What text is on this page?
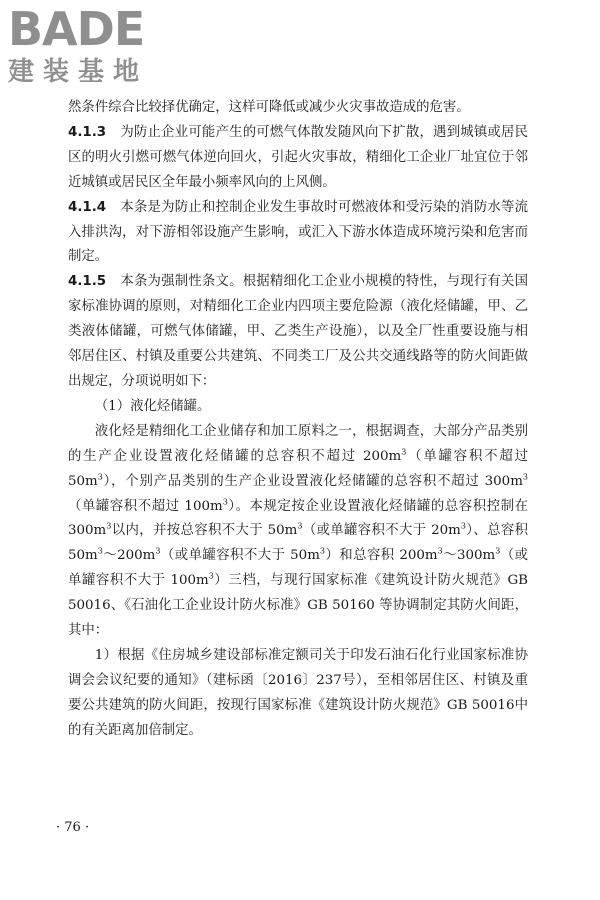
BADE
建装基地

然条件综合比较择优确定，这样可降低或减少火灾事故造成的危害。

4.1.3 为防止企业可能产生的可燃气体散发随风向下扩散，遇到城镇或居民区的明火引燃可燃气体逆向回火，引起火灾事故，精细化工企业厂址宜位于邻近城镇或居民区全年最小频率风向的上风侧。

4.1.4 本条是为防止和控制企业发生事故时可燃液体和受污染的消防水等流入排洪沟，对下游相邻设施产生影响，或汇入下游水体造成环境污染和危害而制定。

4.1.5 本条为强制性条文。根据精细化工企业小规模的特性，与现行有关国家标准协调的原则，对精细化工企业内四项主要危险源（液化烃储罐，甲、乙类液体储罐，可燃气体储罐，甲、乙类生产设施），以及全厂性重要设施与相邻居住区、村镇及重要公共建筑、不同类工厂及公共交通线路等的防火间距做出规定，分项说明如下：

（1）液化烃储罐。

液化烃是精细化工企业储存和加工原料之一，根据调查，大部分产品类别的生产企业设置液化烃储罐的总容积不超过 $200m^3$（单罐容积不超过 $50m^3$），个别产品类别的生产企业设置液化烃储罐的总容积不超过 $300m^3$（单罐容积不超过 $100m^3$）。本规定按企业设置液化烃储罐的总容积控制在 $300m^3$以内，并按总容积不大于 $50m^3$（或单罐容积不大于 $20m^3$）、总容积 $50m^3\sim 200m^3$（或单罐容积不大于 $50m^3$）和总容积 $200m^3\sim 300m^3$（或单罐容积不大于 $100m^3$）三档，与现行国家标准《建筑设计防火规范》GB 50016、《石油化工企业设计防火标准》GB 50160 等协调制定其防火间距，其中：

1）根据《住房城乡建设部标准定额司关于印发石油石化行业国家标准协调会会议纪要的通知》（建标函〔2016〕237号），至相邻居住区、村镇及重要公共建筑的防火间距，按现行国家标准《建筑设计防火规范》GB 50016中的有关距离加倍制定。

· 76 ·
